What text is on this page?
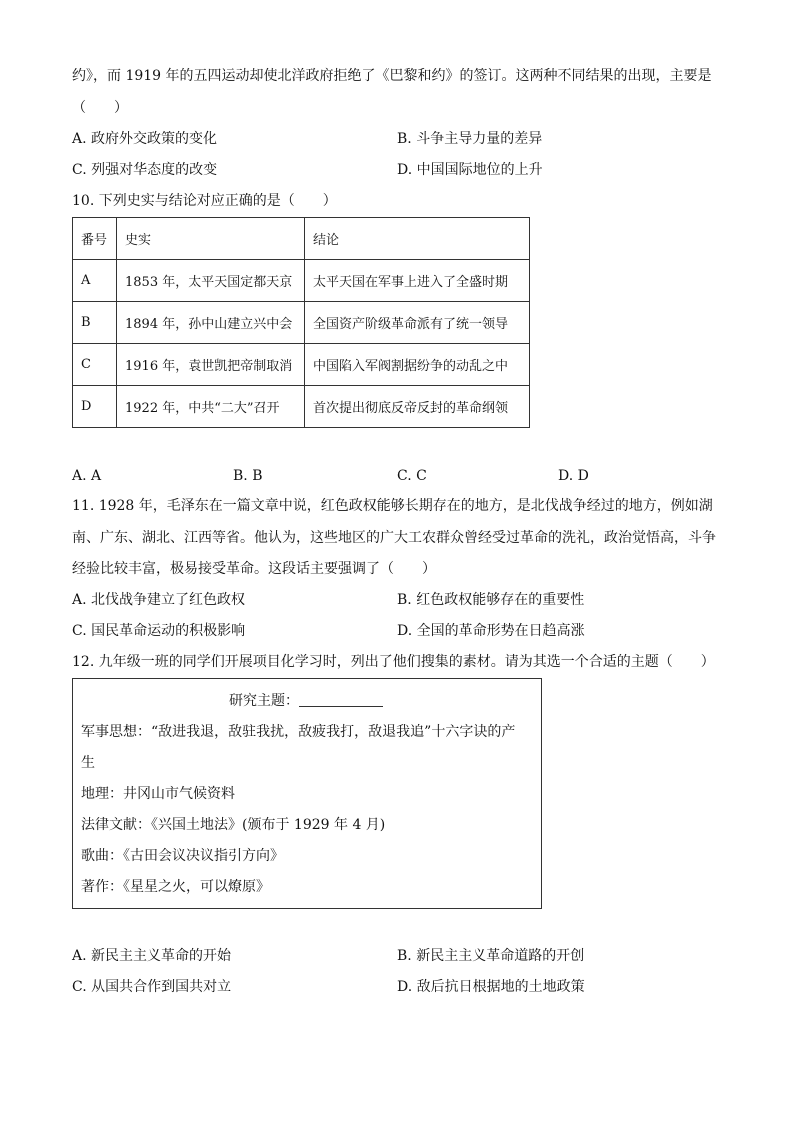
约》，而 1919 年的五四运动却使北洋政府拒绝了《巴黎和约》的签订。这两种不同结果的出现，主要是
（　　）
A. 政府外交政策的变化	B. 斗争主导力量的差异
C. 列强对华态度的改变	D. 中国国际地位的上升
10. 下列史实与结论对应正确的是（　　）
番号	史实	结论
A	1853 年，太平天国定都天京	太平天国在军事上进入了全盛时期
B	1894 年，孙中山建立兴中会	全国资产阶级革命派有了统一领导
C	1916 年，袁世凯把帝制取消	中国陷入军阀割据纷争的动乱之中
D	1922 年，中共“二大”召开	首次提出彻底反帝反封的革命纲领
A. A	B. B	C. C	D. D
11. 1928 年，毛泽东在一篇文章中说，红色政权能够长期存在的地方，是北伐战争经过的地方，例如湖
南、广东、湖北、江西等省。他认为，这些地区的广大工农群众曾经受过革命的洗礼，政治觉悟高，斗争
经验比较丰富，极易接受革命。这段话主要强调了（　　）
A. 北伐战争建立了红色政权	B. 红色政权能够存在的重要性
C. 国民革命运动的积极影响	D. 全国的革命形势在日趋高涨
12. 九年级一班的同学们开展项目化学习时，列出了他们搜集的素材。请为其选一个合适的主题（　　）
研究主题：
军事思想：“敌进我退，敌驻我扰，敌疲我打，敌退我追”十六字诀的产
生
地理：井冈山市气候资料
法律文献：《兴国土地法》(颁布于 1929 年 4 月)
歌曲：《古田会议决议指引方向》
著作：《星星之火，可以燎原》
A. 新民主主义革命的开始	B. 新民主主义革命道路的开创
C. 从国共合作到国共对立	D. 敌后抗日根据地的土地政策
